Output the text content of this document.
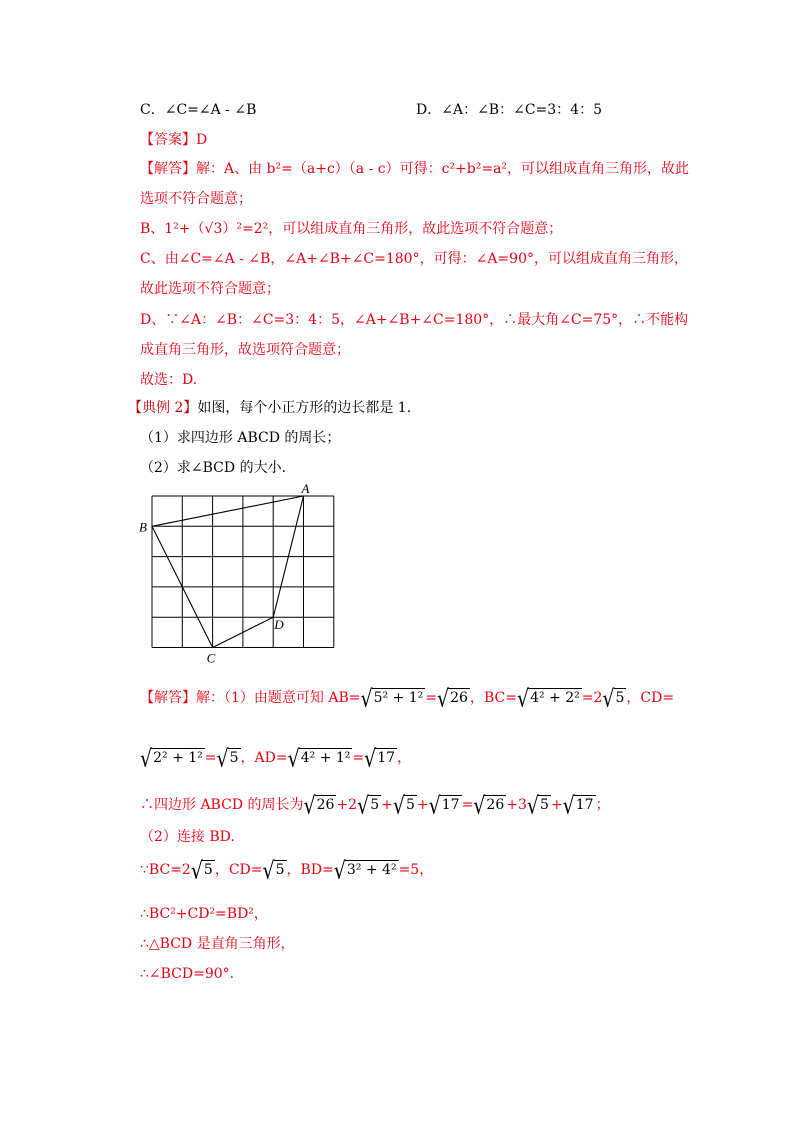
C．∠C=∠A - ∠B	D．∠A：∠B：∠C=3：4：5
【答案】D
【解答】解：A、由 b²=（a+c）（a - c）可得：c²+b²=a²，可以组成直角三角形，故此
选项不符合题意；
B、1²+（√3）²=2²，可以组成直角三角形，故此选项不符合题意；
C、由∠C=∠A - ∠B，∠A+∠B+∠C=180°，可得：∠A=90°，可以组成直角三角形，
故此选项不符合题意；
D、∵∠A：∠B：∠C=3：4：5，∠A+∠B+∠C=180°，∴最大角∠C=75°，∴不能构
成直角三角形，故选项符合题意；
故选：D.
【典例 2】如图，每个小正方形的边长都是 1.
（1）求四边形 ABCD 的周长；
（2）求∠BCD 的大小.
A
B
C
D
【解答】解：（1）由题意可知 AB=√5² + 1² =√26 ，BC=√4² + 2² =2√5 ，CD=
√2² + 1² =√5 ，AD=√4² + 1² =√17 ，
∴四边形 ABCD 的周长为√26 +2√5 +√5 +√17 =√26 +3√5 +√17 ；
（2）连接 BD.
∵BC=2√5 ，CD=√5 ，BD=√3² + 4² =5，
∴BC²+CD²=BD²，
∴△BCD 是直角三角形，
∴∠BCD=90°.
